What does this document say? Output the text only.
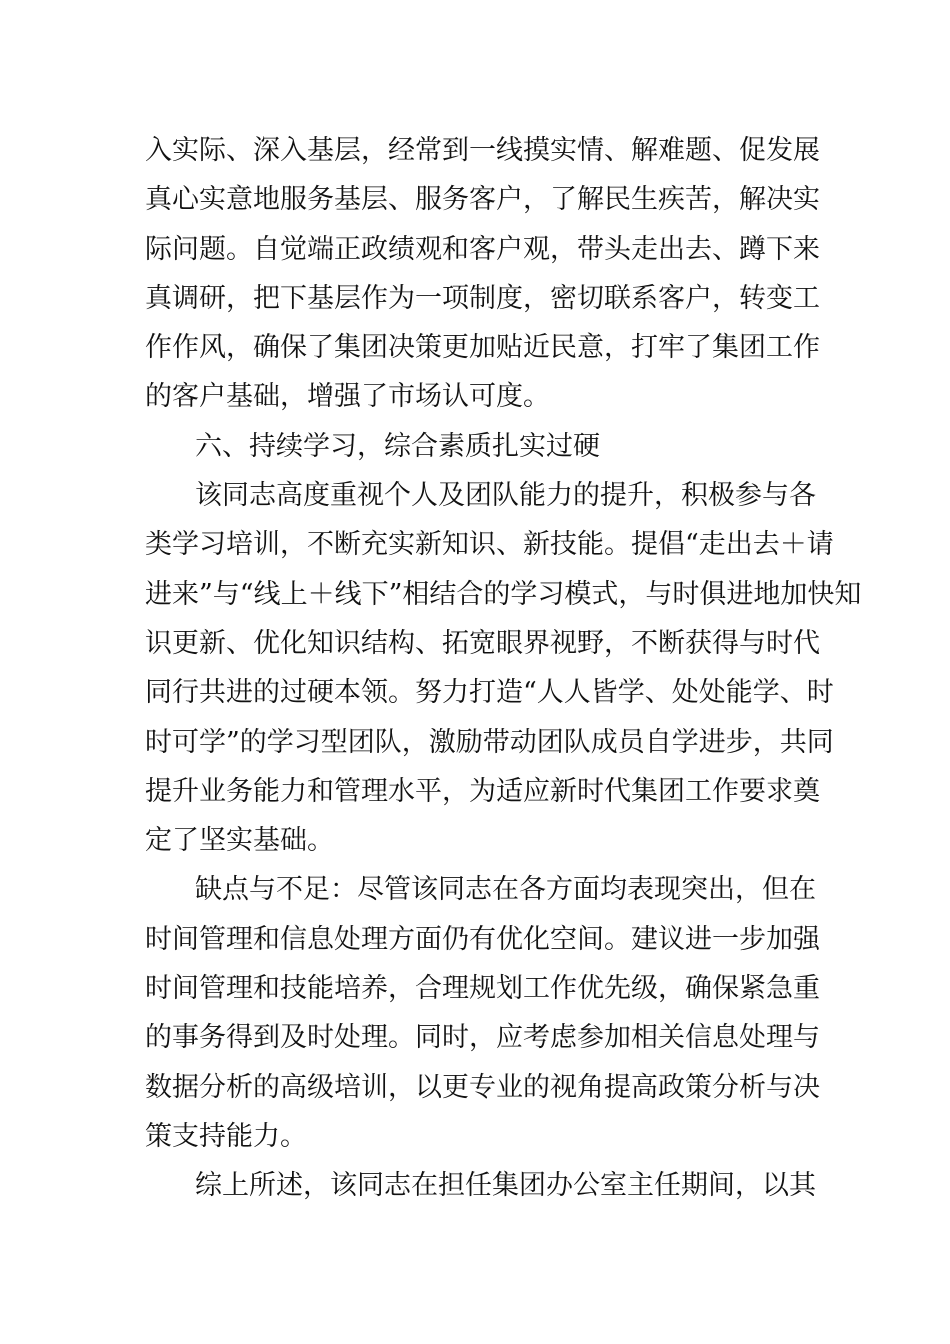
入实际、深入基层，经常到一线摸实情、解难题、促发展
真心实意地服务基层、服务客户，了解民生疾苦，解决实
际问题。自觉端正政绩观和客户观，带头走出去、蹲下来
真调研，把下基层作为一项制度，密切联系客户，转变工
作作风，确保了集团决策更加贴近民意，打牢了集团工作
的客户基础，增强了市场认可度。
六、持续学习，综合素质扎实过硬
该同志高度重视个人及团队能力的提升，积极参与各
类学习培训，不断充实新知识、新技能。提倡“走出去＋请
进来”与“线上＋线下”相结合的学习模式，与时俱进地加快知
识更新、优化知识结构、拓宽眼界视野，不断获得与时代
同行共进的过硬本领。努力打造“人人皆学、处处能学、时
时可学”的学习型团队，激励带动团队成员自学进步，共同
提升业务能力和管理水平，为适应新时代集团工作要求奠
定了坚实基础。
缺点与不足：尽管该同志在各方面均表现突出，但在
时间管理和信息处理方面仍有优化空间。建议进一步加强
时间管理和技能培养，合理规划工作优先级，确保紧急重
的事务得到及时处理。同时，应考虑参加相关信息处理与
数据分析的高级培训，以更专业的视角提高政策分析与决
策支持能力。
综上所述，该同志在担任集团办公室主任期间，以其
